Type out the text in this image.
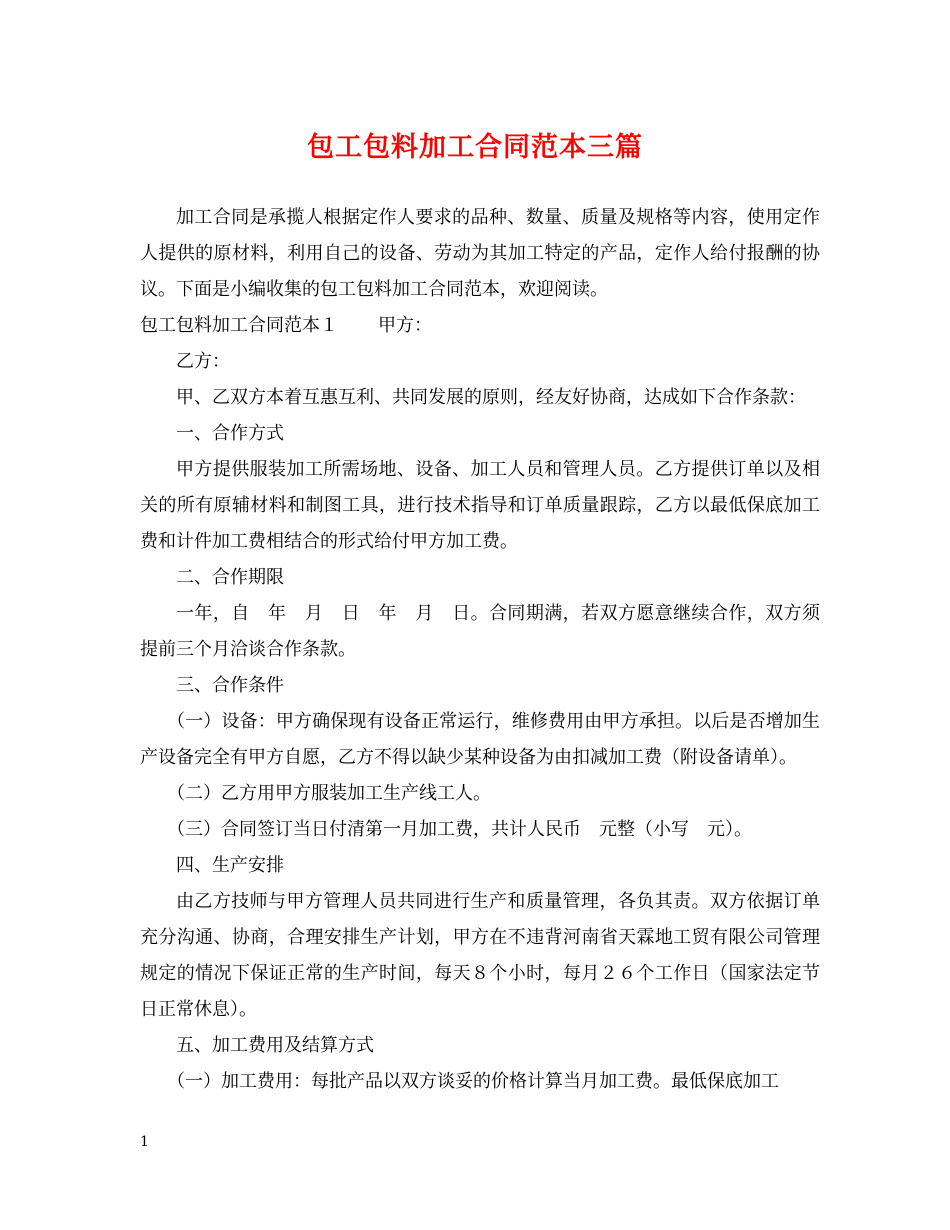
包工包料加工合同范本三篇

加工合同是承揽人根据定作人要求的品种、数量、质量及规格等内容，使用定作人提供的原材料，利用自己的设备、劳动为其加工特定的产品，定作人给付报酬的协议。下面是小编收集的包工包料加工合同范本，欢迎阅读。

包工包料加工合同范本１ 甲方：

乙方：

甲、乙双方本着互惠互利、共同发展的原则，经友好协商，达成如下合作条款：

一、合作方式

甲方提供服装加工所需场地、设备、加工人员和管理人员。乙方提供订单以及相关的所有原辅材料和制图工具，进行技术指导和订单质量跟踪，乙方以最低保底加工费和计件加工费相结合的形式给付甲方加工费。

二、合作期限

一年，自　年　月　日　年　月　日。合同期满，若双方愿意继续合作，双方须提前三个月洽谈合作条款。

三、合作条件

（一）设备：甲方确保现有设备正常运行，维修费用由甲方承担。以后是否增加生产设备完全有甲方自愿，乙方不得以缺少某种设备为由扣减加工费（附设备请单）。

（二）乙方用甲方服装加工生产线工人。

（三）合同签订当日付清第一月加工费，共计人民币　元整（小写　元）。

四、生产安排

由乙方技师与甲方管理人员共同进行生产和质量管理，各负其责。双方依据订单充分沟通、协商，合理安排生产计划，甲方在不违背河南省天霖地工贸有限公司管理规定的情况下保证正常的生产时间，每天８个小时，每月２６个工作日（国家法定节日正常休息）。

五、加工费用及结算方式

（一）加工费用：每批产品以双方谈妥的价格计算当月加工费。最低保底加工

1
